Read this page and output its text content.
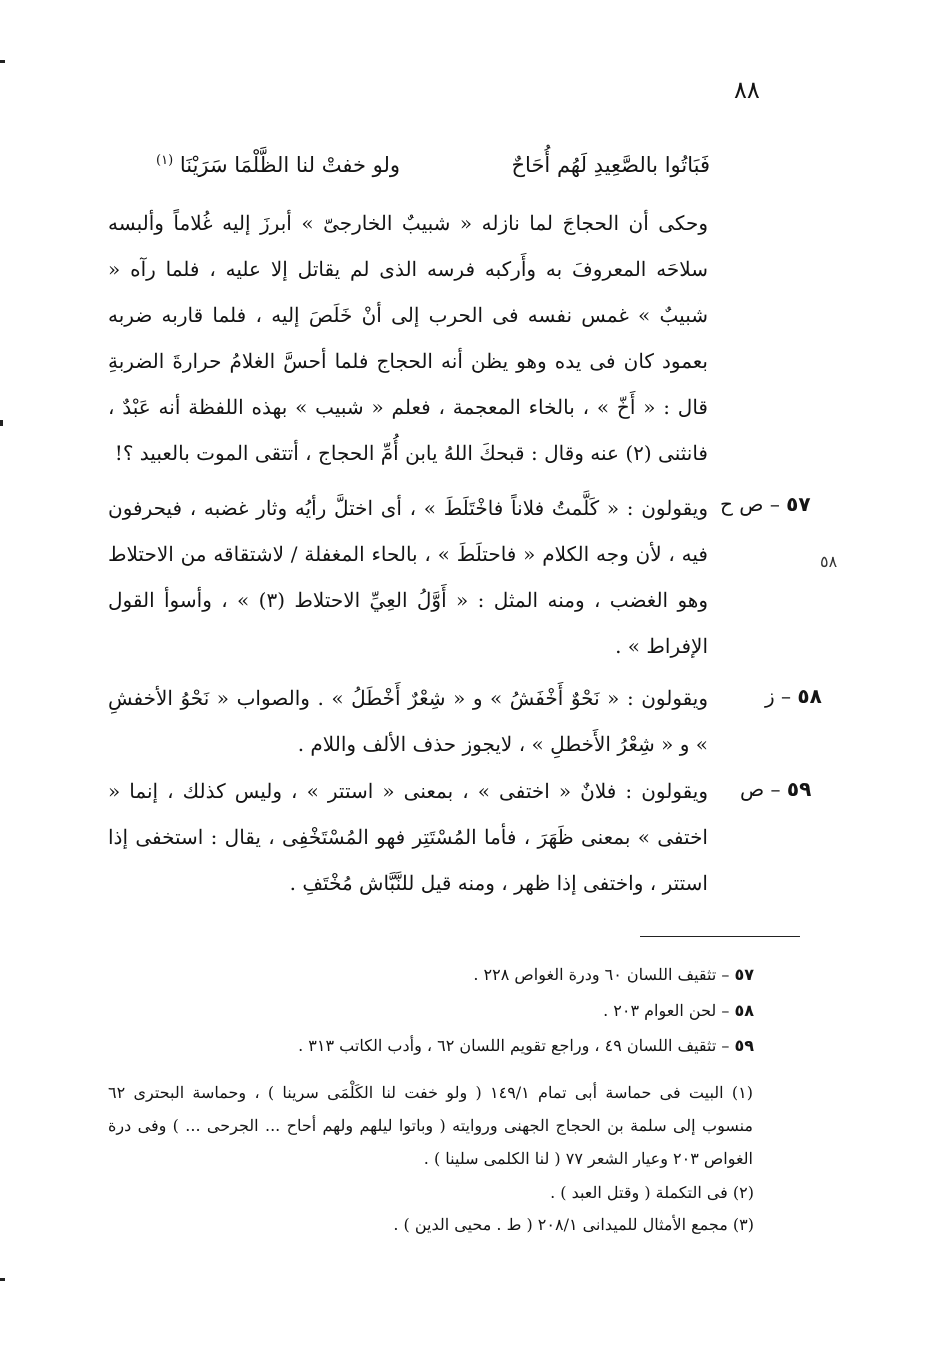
٨٨
فَبَاتُوا بالصَّعِيدِ لَهُم أُحَاحٌ
ولو خفتْ لنا الظَّلْمَا سَرَيْنَا $^{(١)}$
وحكى أن الحجاجَ لما نازله « شبيبٌ الخارجىّ » أبرزَ إليه غُلاماً وألبسه سلاحَه المعروفَ به وأَركبه فرسه الذى لم يقاتل إلا عليه ، فلما رآه « شبيبٌ » غمس نفسه فى الحرب إلى أنْ خَلَصَ إليه ، فلما قاربه ضربه بعمود كان فى يده وهو يظن أنه الحجاج فلما أحسَّ الغلامُ حرارةَ الضربةِ قال : « أَخّ » ، بالخاء المعجمة ، فعلم « شبيب » بهذه اللفظة أنه عَبْدٌ ، فانثنى (٢) عنه وقال : قبحكَ اللهُ يابن أُمِّ الحجاج ، أتتقى الموت بالعبيد ؟!
٥٧ – ص ح
ويقولون : « كَلَّمتُ فلاناً فاخْتَلَطَ » ، أى اختلَّ رأيُه وثار غضبه ، فيحرفون فيه ، لأن وجه الكلام « فاحتلَطَ » ، بالحاء المغفلة / لاشتقاقه من الاحتلاط وهو الغضب ، ومنه المثل : « أَوَّلُ العِيِّ الاحتلاط (٣) » ، وأسوأ القول الإفراط » .
٥٨
٥٨ – ز
ويقولون : « نَحْوٌ أَخْفَشُ » و « شِعْرٌ أَخْطَلُ » . والصواب « نَحْوُ الأخفشِ » و « شِعْرُ الأَخطلِ » ، لايجوز حذف الألف واللام .
٥٩ – ص
ويقولون : فلانٌ « اختفى » ، بمعنى « استتر » ، وليس كذلك ، إنما « اختفى » بمعنى ظَهَرَ ، فأما المُسْتَتِر فهو المُسْتَخْفِى ، يقال : استخفى إذا استتر ، واختفى إذا ظهر ، ومنه قيل للنَّبَّاش مُخْتَفِ .
٥٧ – تثقيف اللسان ٦٠ ودرة الغواص ٢٢٨ .
٥٨ – لحن العوام ٢٠٣ .
٥٩ – تثقيف اللسان ٤٩ ، وراجع تقويم اللسان ٦٢ ، وأدب الكاتب ٣١٣ .
(١) البيت فى حماسة أبى تمام ١٤٩/١ ( ولو خفت لنا الكَلْمَى سرينا ) ، وحماسة البحترى ٦٢ منسوب إلى سلمة بن الحجاج الجهنى وروايته ( وباتوا ليلهم ولهم أحاح ... الجرحى ... ) وفى درة الغواص ٢٠٣ وعيار الشعر ٧٧ ( لنا الكلمى سلينا ) .
(٢) فى التكملة ( وقتل العبد ) .
(٣) مجمع الأمثال للميدانى ٢٠٨/١ ( ط . محيى الدين ) .
